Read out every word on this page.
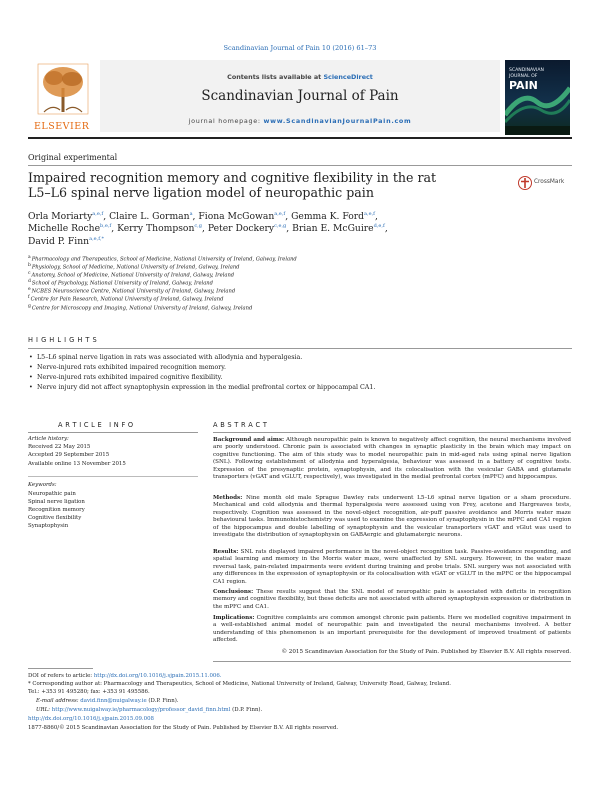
Scandinavian Journal of Pain 10 (2016) 61–73
ELSEVIER
Contents lists available at ScienceDirect
Scandinavian Journal of Pain
journal homepage: www.ScandinavianJournalPain.com
SCANDINAVIAN
JOURNAL OF
PAIN
Original experimental
Impaired recognition memory and cognitive flexibility in the rat
L5–L6 spinal nerve ligation model of neuropathic pain
CrossMark
Orla Moriarty$^{a,e,f}$, Claire L. Gorman$^a$, Fiona McGowan$^{a,e,f}$, Gemma K. Ford$^{a,e,f}$,
Michelle Roche$^{b,e,f}$, Kerry Thompson$^{c,g}$, Peter Dockery$^{c,e,g}$, Brian E. McGuire$^{d,e,f}$,
David P. Finn$^{a,e,f,*}$
aPharmacology and Therapeutics, School of Medicine, National University of Ireland, Galway, Ireland
bPhysiology, School of Medicine, National University of Ireland, Galway, Ireland
cAnatomy, School of Medicine, National University of Ireland, Galway, Ireland
dSchool of Psychology, National University of Ireland, Galway, Ireland
eNCBES Neuroscience Centre, National University of Ireland, Galway, Ireland
fCentre for Pain Research, National University of Ireland, Galway, Ireland
gCentre for Microscopy and Imaging, National University of Ireland, Galway, Ireland
H I G H L I G H T S
• L5–L6 spinal nerve ligation in rats was associated with allodynia and hyperalgesia.
• Nerve-injured rats exhibited impaired recognition memory.
• Nerve-injured rats exhibited impaired cognitive flexibility.
• Nerve injury did not affect synaptophysin expression in the medial prefrontal cortex or hippocampal CA1.
A R T I C L E   I N F O	A B S T R A C T
Article history:
Received 22 May 2015
Accepted 29 September 2015
Available online 13 November 2015
Keywords:
Neuropathic pain
Spinal nerve ligation
Recognition memory
Cognitive flexibility
Synaptophysin

Background and aims: Although neuropathic pain is known to negatively affect cognition, the neural mechanisms involved are poorly understood. Chronic pain is associated with changes in synaptic plasticity in the brain which may impact on cognitive functioning. The aim of this study was to model neuropathic pain in mid-aged rats using spinal nerve ligation (SNL). Following establishment of allodynia and hyperalgesia, behaviour was assessed in a battery of cognitive tests. Expression of the presynaptic protein, synaptophysin, and its colocalisation with the vesicular GABA and glutamate transporters (vGAT and vGLUT, respectively), was investigated in the medial prefrontal cortex (mPFC) and hippocampus.

Methods: Nine month old male Sprague Dawley rats underwent L5–L6 spinal nerve ligation or a sham procedure. Mechanical and cold allodynia and thermal hyperalgesia were assessed using von Frey, acetone and Hargreaves tests, respectively. Cognition was assessed in the novel-object recognition, air-puff passive avoidance and Morris water maze behavioural tasks. Immunohistochemistry was used to examine the expression of synaptophysin in the mPFC and CA1 region of the hippocampus and double labelling of synaptophysin and the vesicular transporters vGAT and vGlut was used to investigate the distribution of synaptophysin on GABAergic and glutamatergic neurons.

Results: SNL rats displayed impaired performance in the novel-object recognition task. Passive-avoidance responding, and spatial learning and memory in the Morris water maze, were unaffected by SNL surgery. However, in the water maze reversal task, pain-related impairments were evident during training and probe trials. SNL surgery was not associated with any differences in the expression of synaptophysin or its colocalisation with vGAT or vGLUT in the mPFC or the hippocampal CA1 region.

Conclusions: These results suggest that the SNL model of neuropathic pain is associated with deficits in recognition memory and cognitive flexibility, but these deficits are not associated with altered synaptophysin expression or distribution in the mPFC and CA1.

Implications: Cognitive complaints are common amongst chronic pain patients. Here we modelled cognitive impairment in a well-established animal model of neuropathic pain and investigated the neural mechanisms involved. A better understanding of this phenomenon is an important prerequisite for the development of improved treatment of patients affected.

© 2015 Scandinavian Association for the Study of Pain. Published by Elsevier B.V. All rights reserved.
DOI of refers to article: http://dx.doi.org/10.1016/j.sjpain.2015.11.006.
* Corresponding author at: Pharmacology and Therapeutics, School of Medicine, National University of Ireland, Galway, University Road, Galway, Ireland.
Tel.: +353 91 495280; fax: +353 91 495586.
E-mail address: david.finn@nuigalway.ie (D.P. Finn).
URL: http://www.nuigalway.ie/pharmacology/professor_david_finn.html (D.P. Finn).
http://dx.doi.org/10.1016/j.sjpain.2015.09.008
1877-8860/© 2015 Scandinavian Association for the Study of Pain. Published by Elsevier B.V. All rights reserved.
